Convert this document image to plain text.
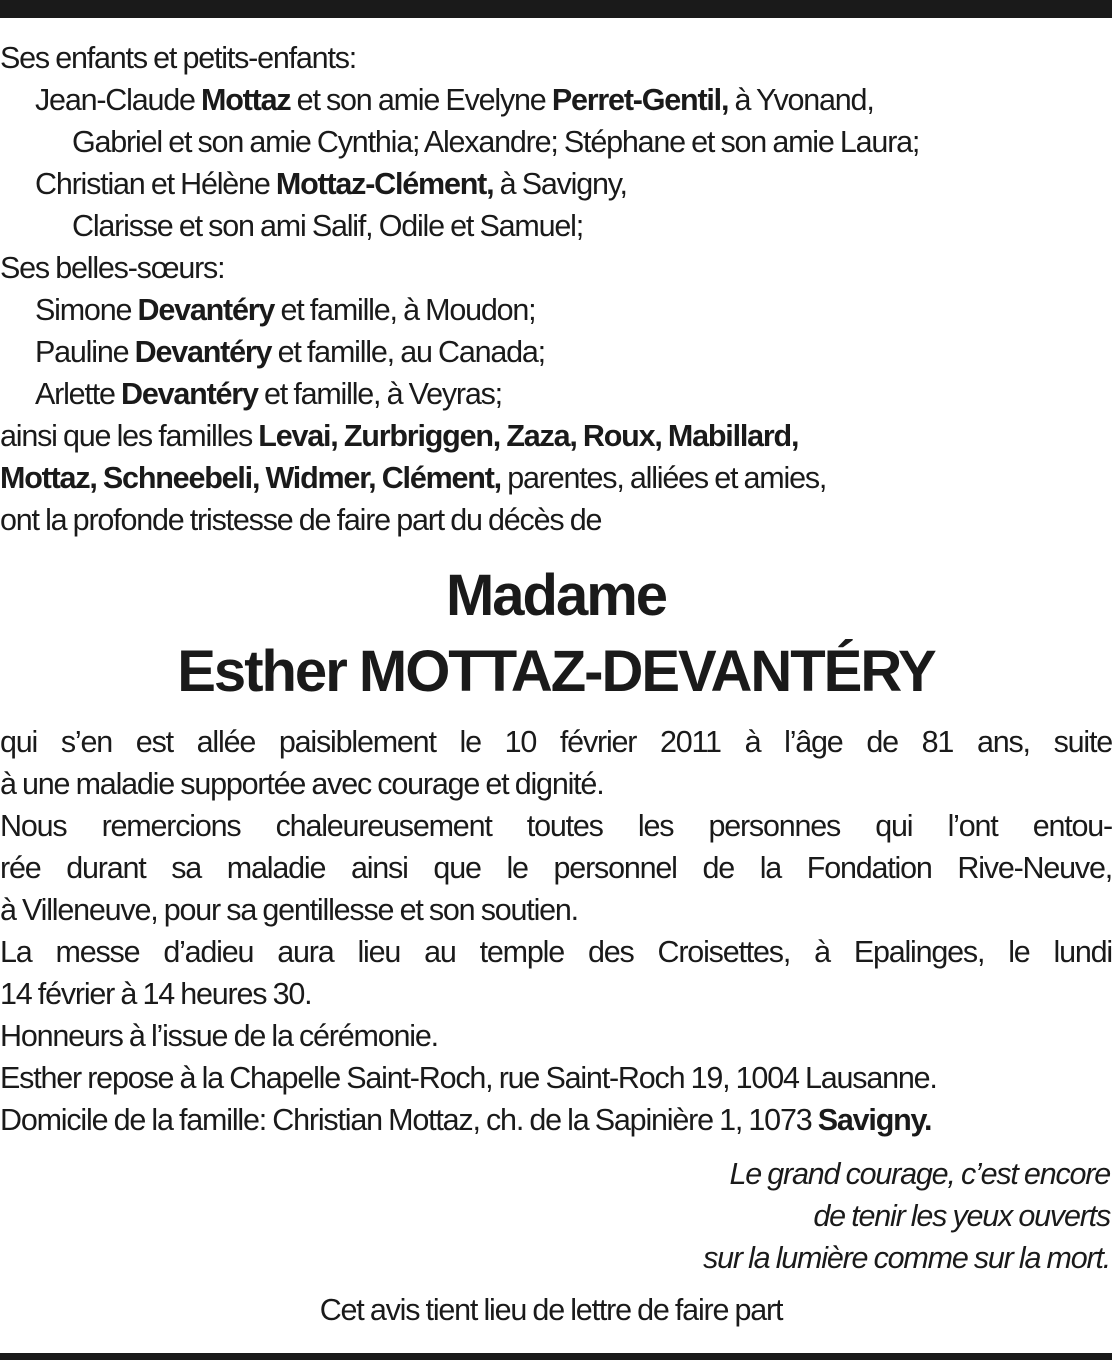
Ses enfants et petits-enfants:
Jean-Claude Mottaz et son amie Evelyne Perret-Gentil, à Yvonand,
Gabriel et son amie Cynthia; Alexandre; Stéphane et son amie Laura;
Christian et Hélène Mottaz-Clément, à Savigny,
Clarisse et son ami Salif, Odile et Samuel;
Ses belles-sœurs:
Simone Devantéry et famille, à Moudon;
Pauline Devantéry et famille, au Canada;
Arlette Devantéry et famille, à Veyras;
ainsi que les familles Levai, Zurbriggen, Zaza, Roux, Mabillard,
Mottaz, Schneebeli, Widmer, Clément, parentes, alliées et amies,
ont la profonde tristesse de faire part du décès de
Madame
Esther MOTTAZ-DEVANTÉRY
qui s’en est allée paisiblement le 10 février 2011 à l’âge de 81 ans, suite
à une maladie supportée avec courage et dignité.
Nous remercions chaleureusement toutes les personnes qui l’ont entou-
rée durant sa maladie ainsi que le personnel de la Fondation Rive-Neuve,
à Villeneuve, pour sa gentillesse et son soutien.
La messe d’adieu aura lieu au temple des Croisettes, à Epalinges, le lundi
14 février à 14 heures 30.
Honneurs à l’issue de la cérémonie.
Esther repose à la Chapelle Saint-Roch, rue Saint-Roch 19, 1004 Lausanne.
Domicile de la famille: Christian Mottaz, ch. de la Sapinière 1, 1073 Savigny.
Le grand courage, c’est encore
de tenir les yeux ouverts
sur la lumière comme sur la mort.
Cet avis tient lieu de lettre de faire part
